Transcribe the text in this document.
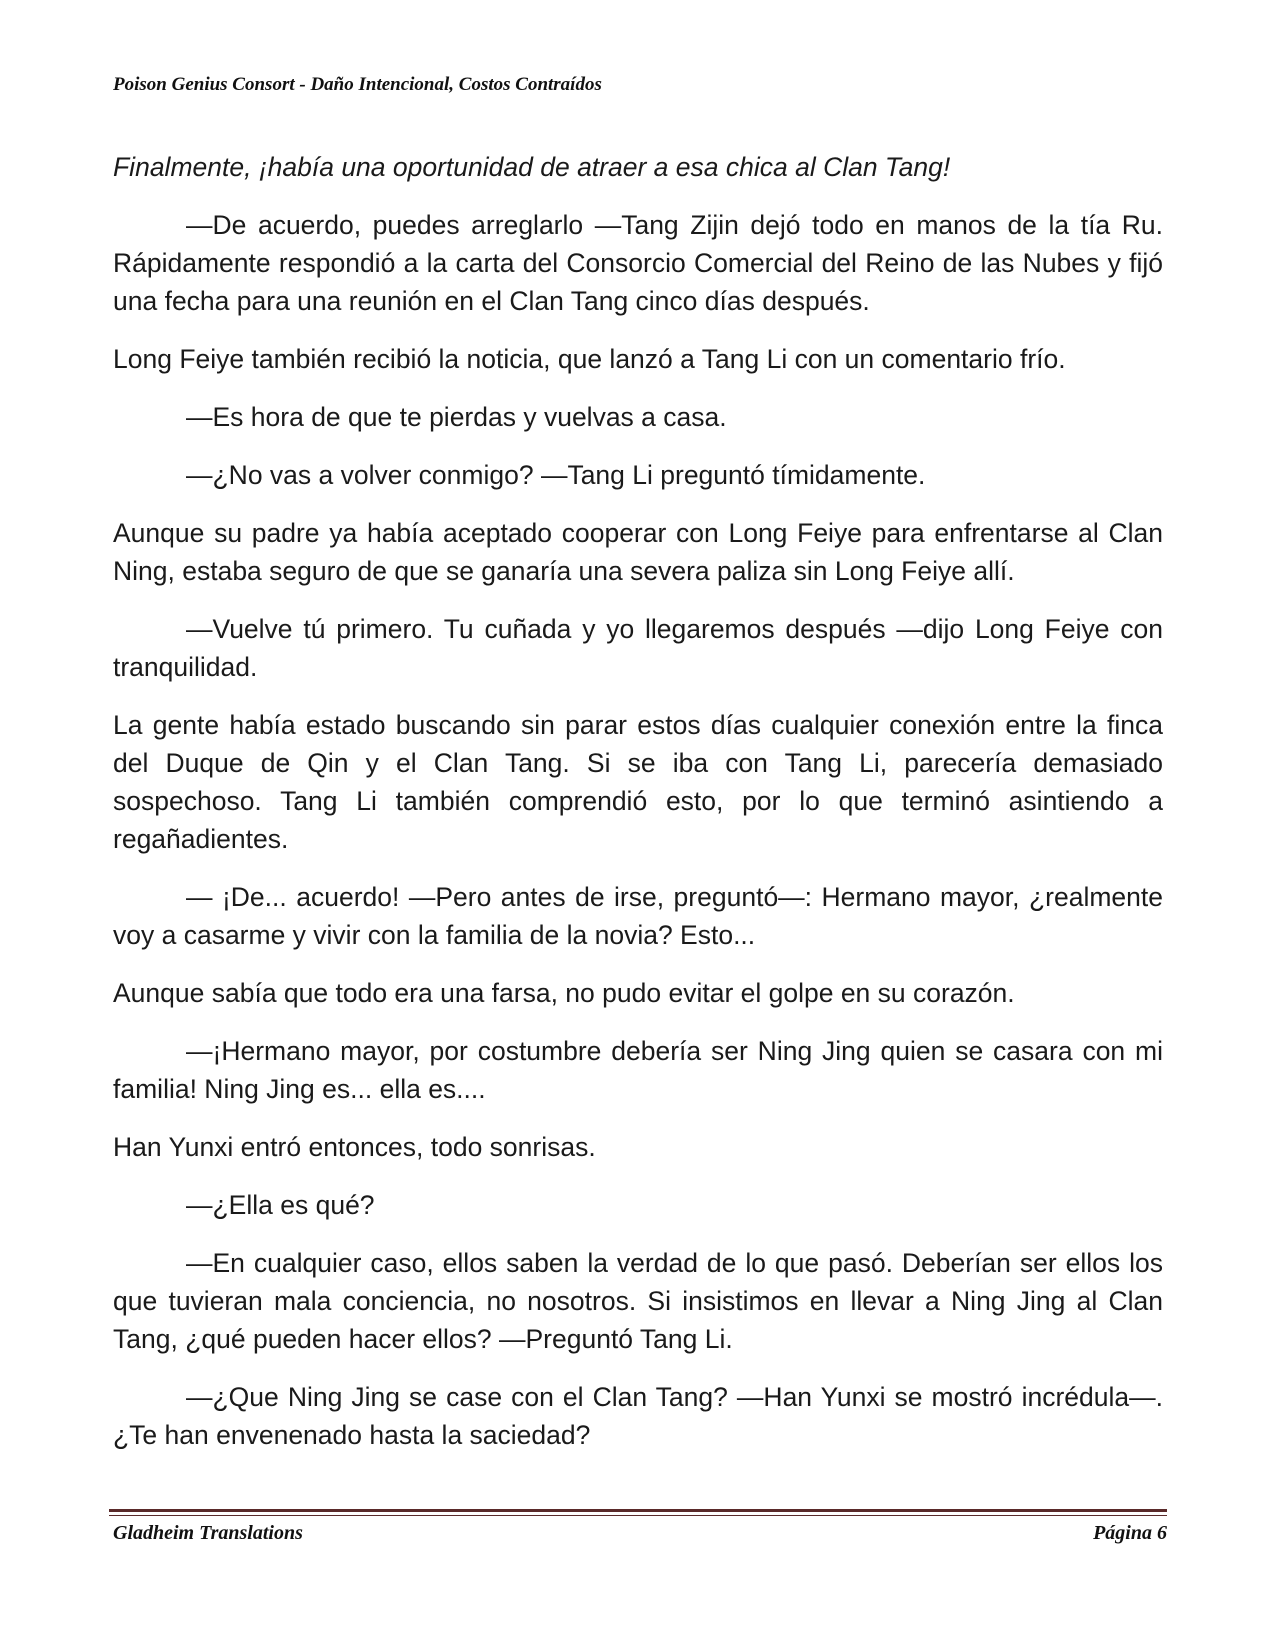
Poison Genius Consort - Daño Intencional, Costos Contraídos

Finalmente, ¡había una oportunidad de atraer a esa chica al Clan Tang!

—De acuerdo, puedes arreglarlo —Tang Zijin dejó todo en manos de la tía Ru. Rápidamente respondió a la carta del Consorcio Comercial del Reino de las Nubes y fijó una fecha para una reunión en el Clan Tang cinco días después.

Long Feiye también recibió la noticia, que lanzó a Tang Li con un comentario frío.

—Es hora de que te pierdas y vuelvas a casa.

—¿No vas a volver conmigo? —Tang Li preguntó tímidamente.

Aunque su padre ya había aceptado cooperar con Long Feiye para enfrentarse al Clan Ning, estaba seguro de que se ganaría una severa paliza sin Long Feiye allí.

—Vuelve tú primero. Tu cuñada y yo llegaremos después —dijo Long Feiye con tranquilidad.

La gente había estado buscando sin parar estos días cualquier conexión entre la finca del Duque de Qin y el Clan Tang. Si se iba con Tang Li, parecería demasiado sospechoso. Tang Li también comprendió esto, por lo que terminó asintiendo a regañadientes.

— ¡De... acuerdo! —Pero antes de irse, preguntó—: Hermano mayor, ¿realmente voy a casarme y vivir con la familia de la novia? Esto...

Aunque sabía que todo era una farsa, no pudo evitar el golpe en su corazón.

—¡Hermano mayor, por costumbre debería ser Ning Jing quien se casara con mi familia! Ning Jing es... ella es....

Han Yunxi entró entonces, todo sonrisas.

—¿Ella es qué?

—En cualquier caso, ellos saben la verdad de lo que pasó. Deberían ser ellos los que tuvieran mala conciencia, no nosotros. Si insistimos en llevar a Ning Jing al Clan Tang, ¿qué pueden hacer ellos? —Preguntó Tang Li.

—¿Que Ning Jing se case con el Clan Tang? —Han Yunxi se mostró incrédula—. ¿Te han envenenado hasta la saciedad?

Gladheim Translations	Página 6
